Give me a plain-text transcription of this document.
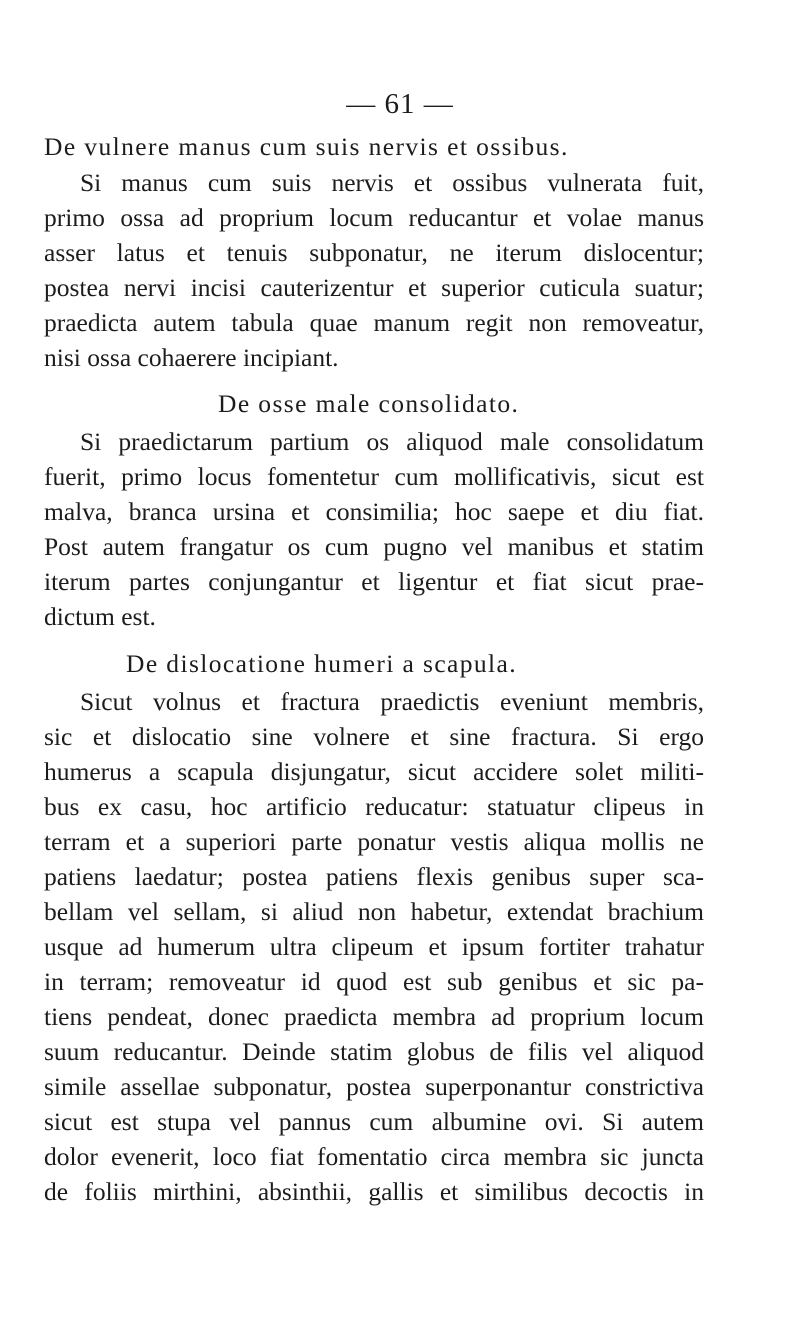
— 61 —
De vulnere manus cum suis nervis et ossibus.
Si manus cum suis nervis et ossibus vulnerata fuit,
primo ossa ad proprium locum reducantur et volae manus
asser latus et tenuis subponatur, ne iterum dislocentur;
postea nervi incisi cauterizentur et superior cuticula suatur;
praedicta autem tabula quae manum regit non removeatur,
nisi ossa cohaerere incipiant.
De osse male consolidato.
Si praedictarum partium os aliquod male consolidatum
fuerit, primo locus fomentetur cum mollificativis, sicut est
malva, branca ursina et consimilia; hoc saepe et diu fiat.
Post autem frangatur os cum pugno vel manibus et statim
iterum partes conjungantur et ligentur et fiat sicut prae-
dictum est.
De dislocatione humeri a scapula.
Sicut volnus et fractura praedictis eveniunt membris,
sic et dislocatio sine volnere et sine fractura. Si ergo
humerus a scapula disjungatur, sicut accidere solet militi-
bus ex casu, hoc artificio reducatur: statuatur clipeus in
terram et a superiori parte ponatur vestis aliqua mollis ne
patiens laedatur; postea patiens flexis genibus super sca-
bellam vel sellam, si aliud non habetur, extendat brachium
usque ad humerum ultra clipeum et ipsum fortiter trahatur
in terram; removeatur id quod est sub genibus et sic pa-
tiens pendeat, donec praedicta membra ad proprium locum
suum reducantur. Deinde statim globus de filis vel aliquod
simile assellae subponatur, postea superponantur constrictiva
sicut est stupa vel pannus cum albumine ovi. Si autem
dolor evenerit, loco fiat fomentatio circa membra sic juncta
de foliis mirthini, absinthii, gallis et similibus decoctis in
